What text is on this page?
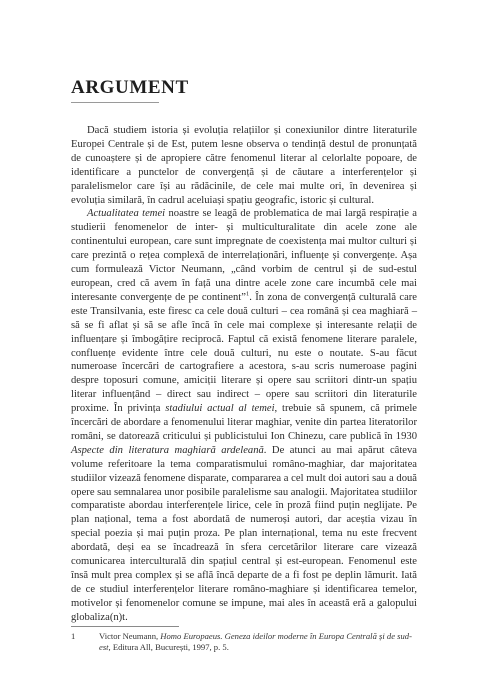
ARGUMENT

Dacă studiem istoria și evoluția relațiilor și conexiunilor dintre literaturile Europei Centrale și de Est, putem lesne observa o tendință destul de pronunțată de cunoaștere și de apropiere către fenomenul literar al celorlalte popoare, de identificare a punctelor de convergență și de căutare a interferențelor și paralelismelor care își au rădăcinile, de cele mai multe ori, în devenirea și evoluția similară, în cadrul aceluiași spațiu geografic, istoric și cultural.

Actualitatea temei noastre se leagă de problematica de mai largă respirație a studierii fenomenelor de inter- și multiculturalitate din acele zone ale continentului european, care sunt impregnate de coexistența mai multor culturi și care prezintă o rețea complexă de interrelaționări, influențe și convergențe. Așa cum formulează Victor Neumann, „când vorbim de centrul și de sud-estul european, cred că avem în față una dintre acele zone care incumbă cele mai interesante convergențe de pe continent”$^1$. În zona de convergență culturală care este Transilvania, este firesc ca cele două culturi – cea română și cea maghiară – să se fi aflat și să se afle încă în cele mai complexe și interesante relații de influențare și îmbogățire reciprocă. Faptul că există fenomene literare paralele, confluențe evidente între cele două culturi, nu este o noutate. S-au făcut numeroase încercări de cartografiere a acestora, s-au scris numeroase pagini despre toposuri comune, amiciții literare și opere sau scriitori dintr-un spațiu literar influențând – direct sau indirect – opere sau scriitori din literaturile proxime. În privința stadiului actual al temei, trebuie să spunem, că primele încercări de abordare a fenomenului literar maghiar, venite din partea literatorilor români, se datorează criticului și publicistului Ion Chinezu, care publică în 1930 Aspecte din literatura maghiară ardeleană. De atunci au mai apărut câteva volume referitoare la tema comparatismului româno-maghiar, dar majoritatea studiilor vizează fenomene disparate, compararea a cel mult doi autori sau a două opere sau semnalarea unor posibile paralelisme sau analogii. Majoritatea studiilor comparatiste abordau interferențele lirice, cele în proză fiind puțin neglijate. Pe plan național, tema a fost abordată de numeroși autori, dar aceștia vizau în special poezia și mai puțin proza. Pe plan internațional, tema nu este frecvent abordată, deși ea se încadrează în sfera cercetărilor literare care vizează comunicarea interculturală din spațiul central și est-european. Fenomenul este însă mult prea complex și se află încă departe de a fi fost pe deplin lămurit. Iată de ce studiul interferențelor literare româno-maghiare și identificarea temelor, motivelor și fenomenelor comune se impune, mai ales în această eră a galopului globaliza(n)t.

1	Victor Neumann, Homo Europaeus. Geneza ideilor moderne în Europa Centrală și de sud-est, Editura All, București, 1997, p. 5.
